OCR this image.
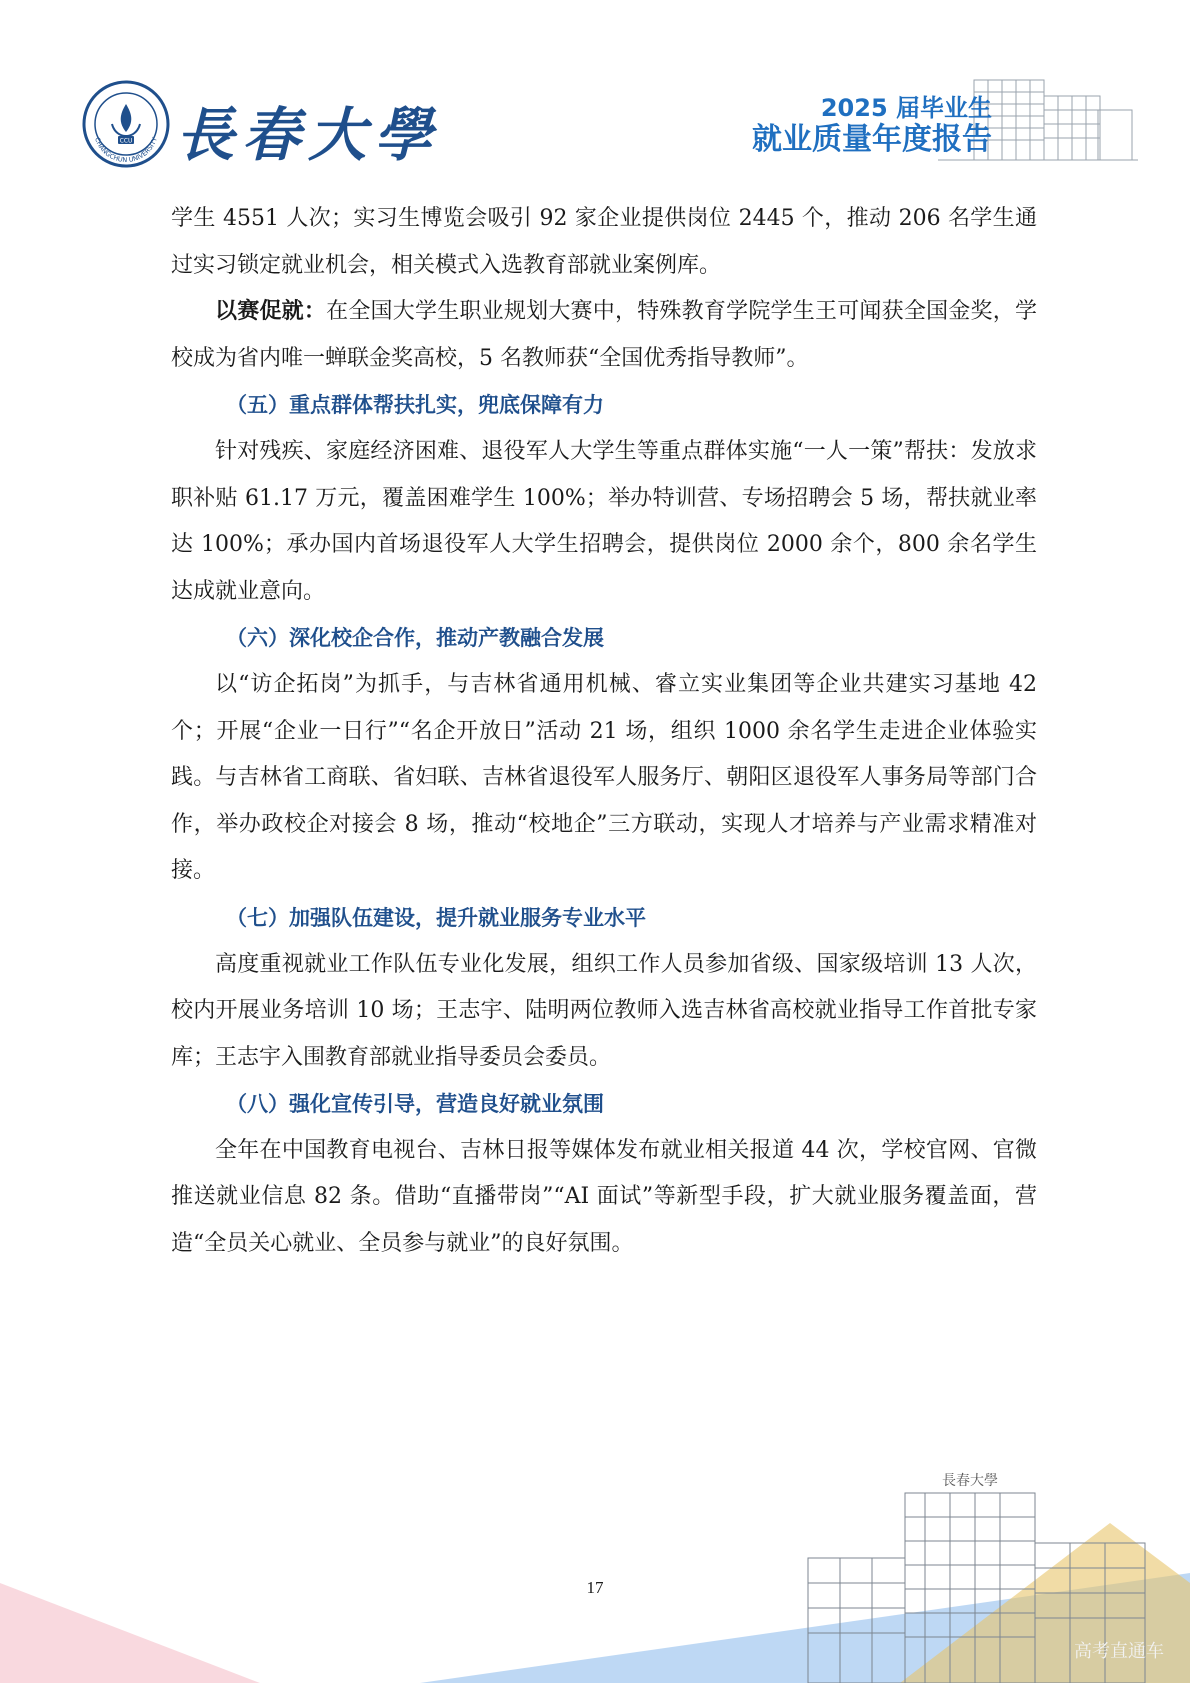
CCU
CHANGCHUN UNIVERSITY 長春大學	2025 届毕业生
就业质量年度报告

学生 4551 人次；实习生博览会吸引 92 家企业提供岗位 2445 个，推动 206 名学生通过实习锁定就业机会，相关模式入选教育部就业案例库。

以赛促就：在全国大学生职业规划大赛中，特殊教育学院学生王可闻获全国金奖，学校成为省内唯一蝉联金奖高校，5 名教师获“全国优秀指导教师”。

（五）重点群体帮扶扎实，兜底保障有力

针对残疾、家庭经济困难、退役军人大学生等重点群体实施“一人一策”帮扶：发放求职补贴 61.17 万元，覆盖困难学生 100%；举办特训营、专场招聘会 5 场，帮扶就业率达 100%；承办国内首场退役军人大学生招聘会，提供岗位 2000 余个，800 余名学生达成就业意向。

（六）深化校企合作，推动产教融合发展

以“访企拓岗”为抓手，与吉林省通用机械、睿立实业集团等企业共建实习基地 42 个；开展“企业一日行”“名企开放日”活动 21 场，组织 1000 余名学生走进企业体验实践。与吉林省工商联、省妇联、吉林省退役军人服务厅、朝阳区退役军人事务局等部门合作，举办政校企对接会 8 场，推动“校地企”三方联动，实现人才培养与产业需求精准对接。

（七）加强队伍建设，提升就业服务专业水平

高度重视就业工作队伍专业化发展，组织工作人员参加省级、国家级培训 13 人次，校内开展业务培训 10 场；王志宇、陆明两位教师入选吉林省高校就业指导工作首批专家库；王志宇入围教育部就业指导委员会委员。

（八）强化宣传引导，营造良好就业氛围

全年在中国教育电视台、吉林日报等媒体发布就业相关报道 44 次，学校官网、官微推送就业信息 82 条。借助“直播带岗”“AI 面试”等新型手段，扩大就业服务覆盖面，营造“全员关心就业、全员参与就业”的良好氛围。

17
長春大學
高考直通车
